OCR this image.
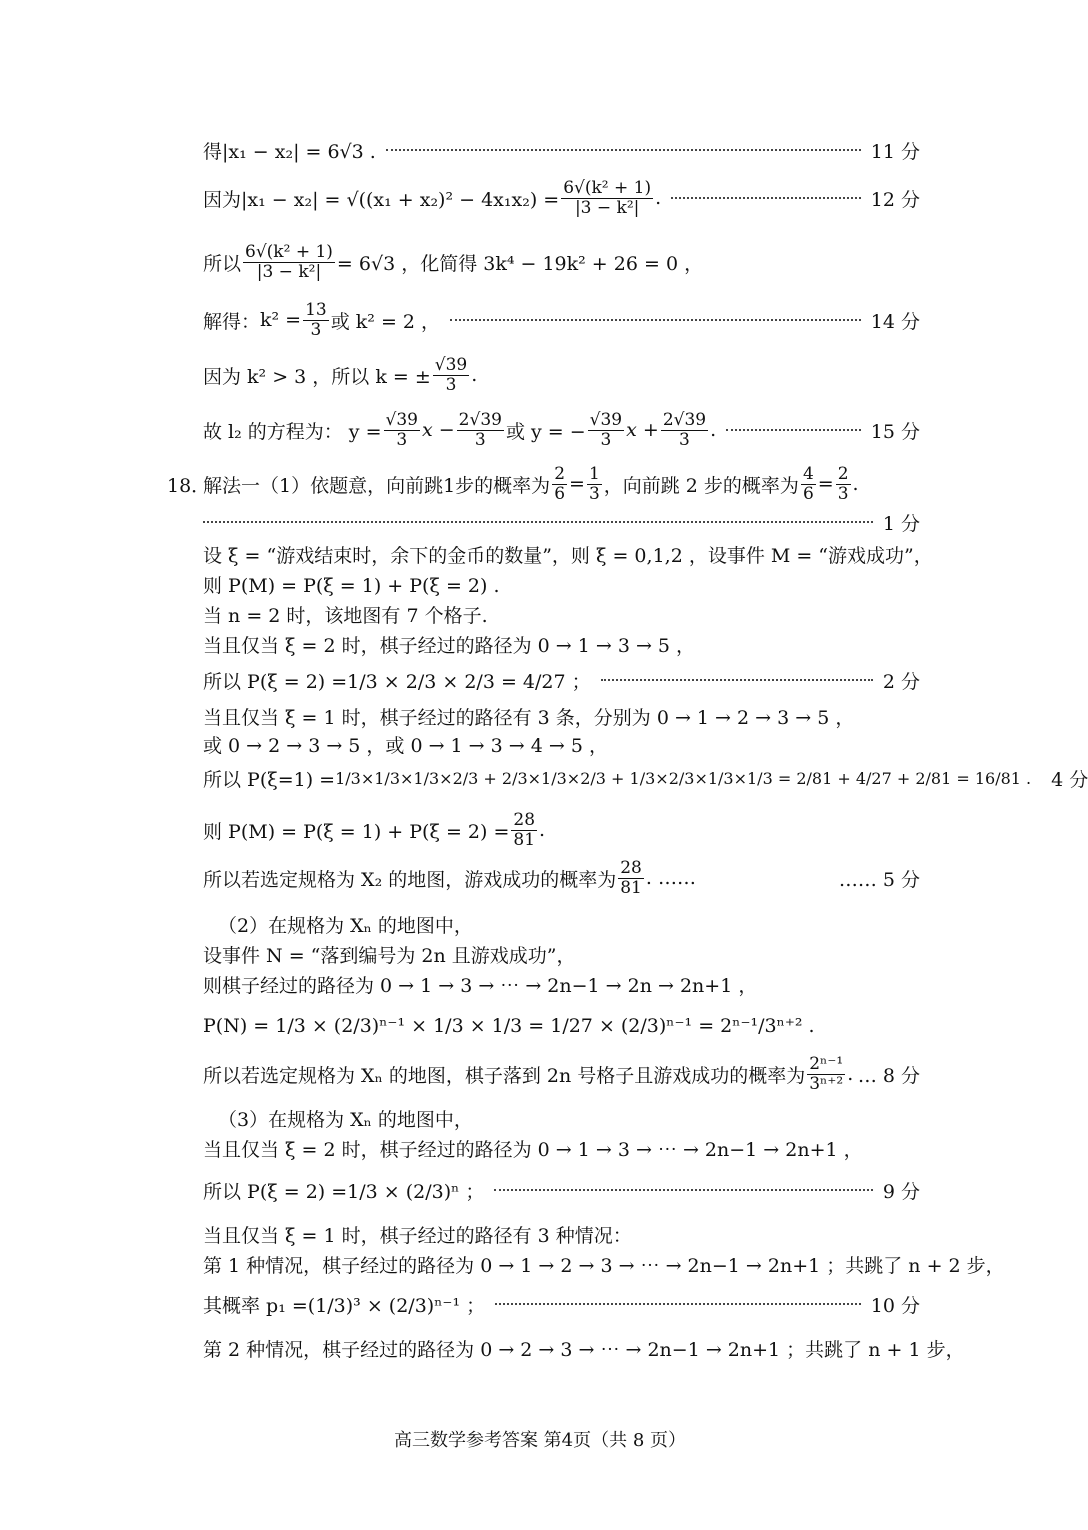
得|x₁ − x₂| = 6√3 .	11 分
因为$|x_1 - x_2| = √((x_1 + x_2)^2 - 4x_1x_2) = \frac{\text{6√(k² + 1)}}{\text{|3 − k²|}}$ .	12 分
所以 $\frac{\text{6√(k² + 1)}}{\text{|3 − k²|}} = 6√3$ ，化简得 3k⁴ − 19k² + 26 = 0 ，
解得： $k^2 = \frac{13}{3}$ 或 k² = 2 ，	14 分
因为 k² > 3 ，所以 k = ± $\frac{√39}{3}$ .
故 l₂ 的方程为： $y = \frac{√39}{3}$ $x - \frac{2√39}{3}$ 或 y = − $\frac{√39}{3}$ $x + \frac{2√39}{3}$ .	15 分
18．
解法一（1）依题意，向前跳1步的概率为 $\frac{2}{6} = \frac{1}{3}$ ，向前跳 2 步的概率为 $\frac{4}{6} = \frac{2}{3}$ .
1 分
设 ξ = “游戏结束时，余下的金币的数量”，则 ξ = 0,1,2 ，设事件 M = “游戏成功”，
则 P(M) = P(ξ = 1) + P(ξ = 2) .
当 n = 2 时，该地图有 7 个格子.
当且仅当 ξ = 2 时，棋子经过的路径为 0 → 1 → 3 → 5 ，
所以 P(ξ = 2) = 1/3 × 2/3 × 2/3 = 4/27 ；	2 分
当且仅当 ξ = 1 时，棋子经过的路径有 3 条，分别为 0 → 1 → 2 → 3 → 5 ，
或 0 → 2 → 3 → 5 ，或 0 → 1 → 3 → 4 → 5 ，
所以 P(ξ=1) = 1/3×1/3×1/3×2/3 + 2/3×1/3×2/3 + 1/3×2/3×1/3×1/3 = 2/81 + 4/27 + 2/81 = 16/81 . 4 分
则 $P(M) = P(\xi = 1) + P(\xi = 2) = \frac{28}{81}$ .
所以若选定规格为 X₂ 的地图，游戏成功的概率为 $\frac{28}{81}$ . ……	…… 5 分
（2）在规格为 Xₙ 的地图中，
设事件 N = “落到编号为 2n 且游戏成功”，
则棋子经过的路径为 0 → 1 → 3 → ⋯ → 2n−1 → 2n → 2n+1 ，
P(N) = 1/3 × (2/3)ⁿ⁻¹ × 1/3 × 1/3 = 1/27 × (2/3)ⁿ⁻¹ = 2ⁿ⁻¹/3ⁿ⁺² .
所以若选定规格为 Xₙ 的地图，棋子落到 2n 号格子且游戏成功的概率为 $\frac{\text{2ⁿ⁻¹}}{\text{3ⁿ⁺²}}$ . … 8 分
（3）在规格为 Xₙ 的地图中，
当且仅当 ξ = 2 时，棋子经过的路径为 0 → 1 → 3 → ⋯ → 2n−1 → 2n+1 ，
所以 P(ξ = 2) = 1/3 × (2/3)ⁿ ；	9 分
当且仅当 ξ = 1 时，棋子经过的路径有 3 种情况：
第 1 种情况，棋子经过的路径为 0 → 1 → 2 → 3 → ⋯ → 2n−1 → 2n+1 ；共跳了 n + 2 步，
其概率 p₁ = (1/3)³ × (2/3)ⁿ⁻¹ ；	10 分
第 2 种情况，棋子经过的路径为 0 → 2 → 3 → ⋯ → 2n−1 → 2n+1 ；共跳了 n + 1 步，
高三数学参考答案 第4页（共 8 页）
